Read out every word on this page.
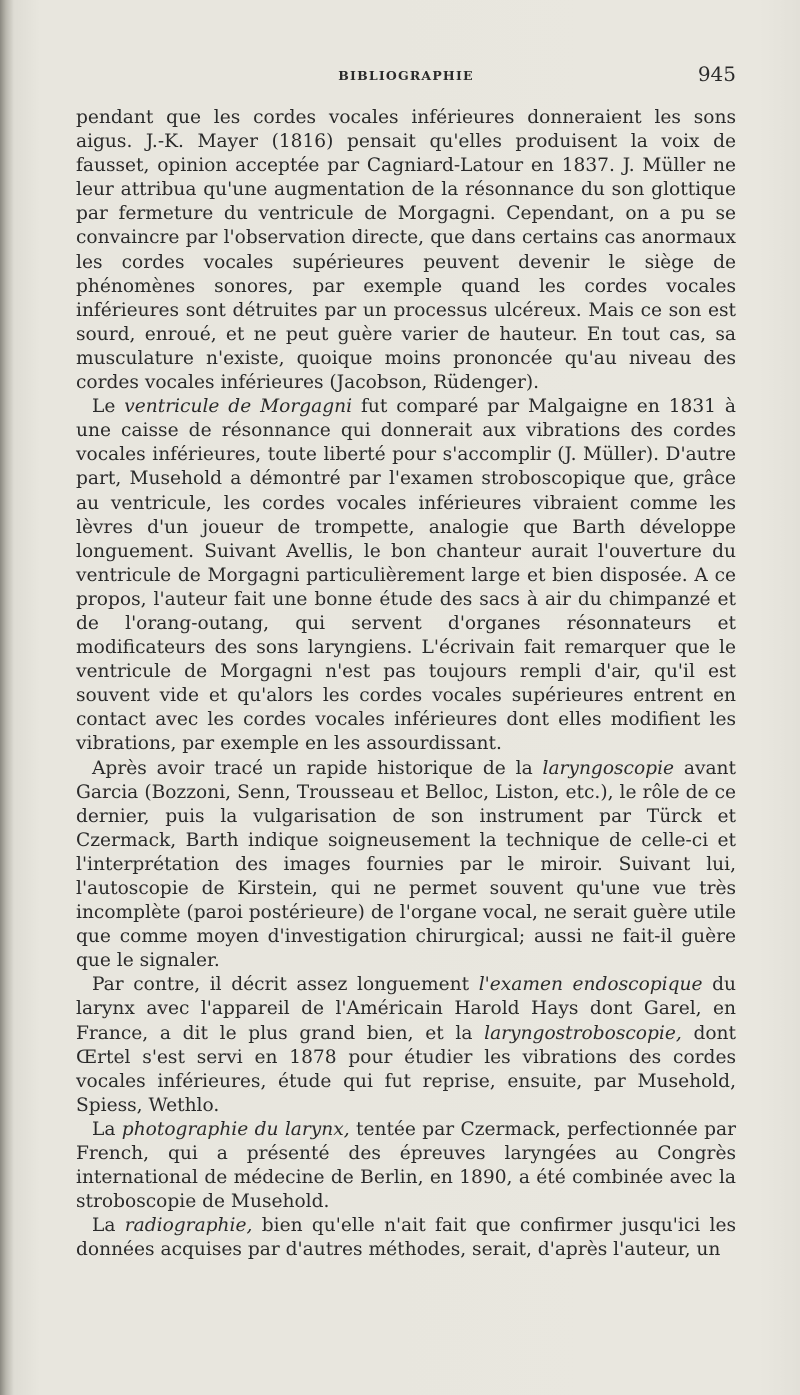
BIBLIOGRAPHIE	945

pendant que les cordes vocales inférieures donneraient les sons aigus. J.-K. Mayer (1816) pensait qu'elles produisent la voix de fausset, opinion acceptée par Cagniard-Latour en 1837. J. Müller ne leur attribua qu'une augmentation de la résonnance du son glottique par fermeture du ventricule de Morgagni. Cependant, on a pu se convaincre par l'observation directe, que dans certains cas anormaux les cordes vocales supérieures peuvent devenir le siège de phénomènes sonores, par exemple quand les cordes vocales inférieures sont détruites par un processus ulcéreux. Mais ce son est sourd, enroué, et ne peut guère varier de hauteur. En tout cas, sa musculature n'existe, quoique moins prononcée qu'au niveau des cordes vocales inférieures (Jacobson, Rüdenger).

Le ventricule de Morgagni fut comparé par Malgaigne en 1831 à une caisse de résonnance qui donnerait aux vibrations des cordes vocales inférieures, toute liberté pour s'accomplir (J. Müller). D'autre part, Musehold a démontré par l'examen stroboscopique que, grâce au ventricule, les cordes vocales inférieures vibraient comme les lèvres d'un joueur de trompette, analogie que Barth développe longuement. Suivant Avellis, le bon chanteur aurait l'ouverture du ventricule de Morgagni particulièrement large et bien disposée. A ce propos, l'auteur fait une bonne étude des sacs à air du chimpanzé et de l'orang-outang, qui servent d'organes résonnateurs et modificateurs des sons laryngiens. L'écrivain fait remarquer que le ventricule de Morgagni n'est pas toujours rempli d'air, qu'il est souvent vide et qu'alors les cordes vocales supérieures entrent en contact avec les cordes vocales inférieures dont elles modifient les vibrations, par exemple en les assourdissant.

Après avoir tracé un rapide historique de la laryngoscopie avant Garcia (Bozzoni, Senn, Trousseau et Belloc, Liston, etc.), le rôle de ce dernier, puis la vulgarisation de son instrument par Türck et Czermack, Barth indique soigneusement la technique de celle-ci et l'interprétation des images fournies par le miroir. Suivant lui, l'autoscopie de Kirstein, qui ne permet souvent qu'une vue très incomplète (paroi postérieure) de l'organe vocal, ne serait guère utile que comme moyen d'investigation chirurgical; aussi ne fait-il guère que le signaler.

Par contre, il décrit assez longuement l'examen endoscopique du larynx avec l'appareil de l'Américain Harold Hays dont Garel, en France, a dit le plus grand bien, et la laryngostroboscopie, dont Œrtel s'est servi en 1878 pour étudier les vibrations des cordes vocales inférieures, étude qui fut reprise, ensuite, par Musehold, Spiess, Wethlo.

La photographie du larynx, tentée par Czermack, perfectionnée par French, qui a présenté des épreuves laryngées au Congrès international de médecine de Berlin, en 1890, a été combinée avec la stroboscopie de Musehold.

La radiographie, bien qu'elle n'ait fait que confirmer jusqu'ici les données acquises par d'autres méthodes, serait, d'après l'auteur, un
